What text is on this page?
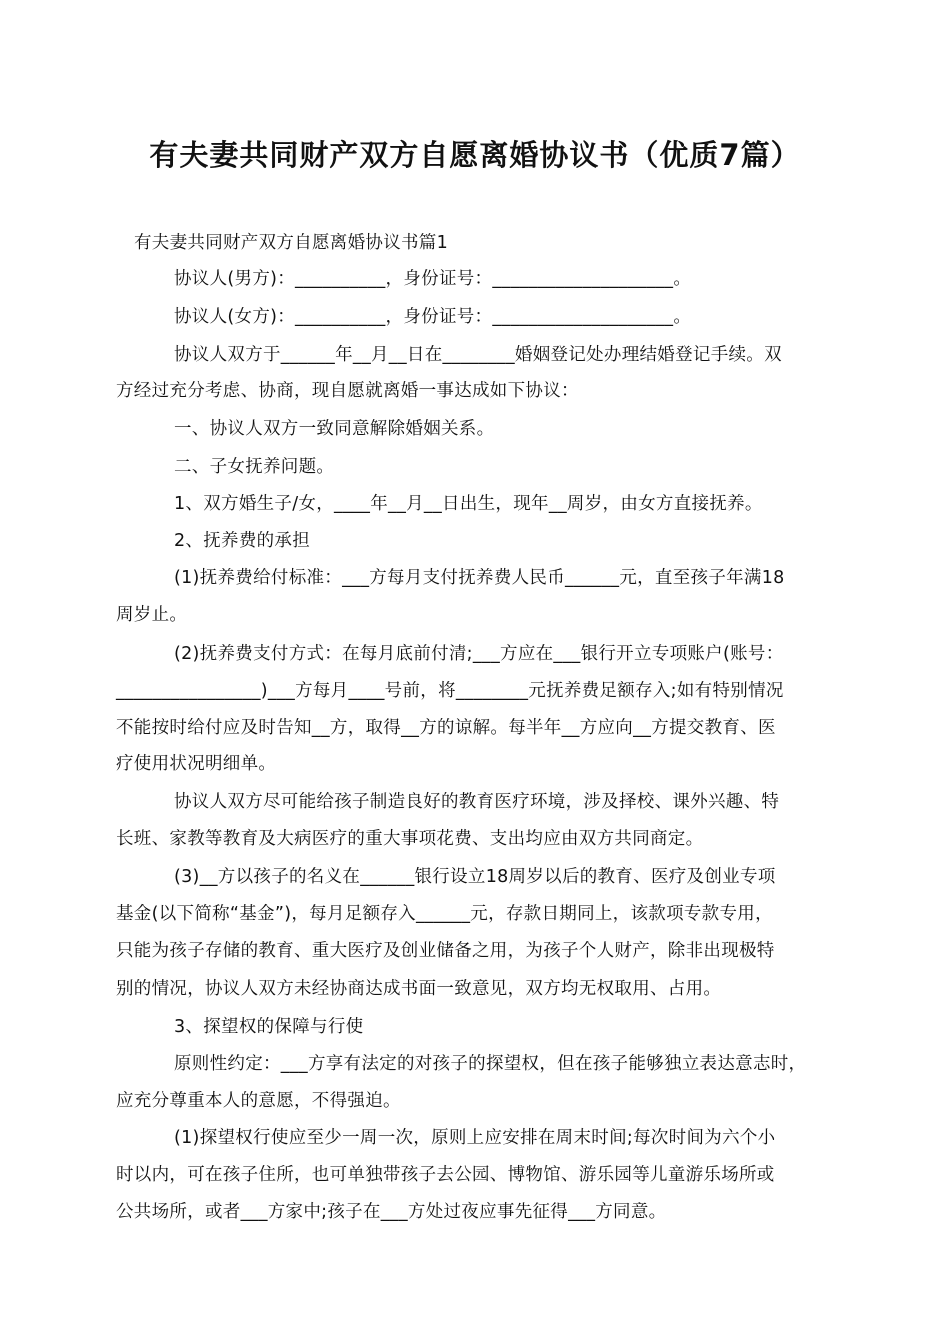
有夫妻共同财产双方自愿离婚协议书（优质7篇）
有夫妻共同财产双方自愿离婚协议书篇1
协议人(男方)：__________，身份证号：____________________。
协议人(女方)：__________，身份证号：____________________。
协议人双方于______年__月__日在________婚姻登记处办理结婚登记手续。双
方经过充分考虑、协商，现自愿就离婚一事达成如下协议：
一、协议人双方一致同意解除婚姻关系。
二、子女抚养问题。
1、双方婚生子/女，____年__月__日出生，现年__周岁，由女方直接抚养。
2、抚养费的承担
(1)抚养费给付标准：___方每月支付抚养费人民币______元，直至孩子年满18
周岁止。
(2)抚养费支付方式：在每月底前付清;___方应在___银行开立专项账户(账号：
________________)___方每月____号前，将________元抚养费足额存入;如有特别情况
不能按时给付应及时告知__方，取得__方的谅解。每半年__方应向__方提交教育、医
疗使用状况明细单。
协议人双方尽可能给孩子制造良好的教育医疗环境，涉及择校、课外兴趣、特
长班、家教等教育及大病医疗的重大事项花费、支出均应由双方共同商定。
(3)__方以孩子的名义在______银行设立18周岁以后的教育、医疗及创业专项
基金(以下简称“基金”)，每月足额存入______元，存款日期同上，该款项专款专用，
只能为孩子存储的教育、重大医疗及创业储备之用，为孩子个人财产，除非出现极特
别的情况，协议人双方未经协商达成书面一致意见，双方均无权取用、占用。
3、探望权的保障与行使
原则性约定：___方享有法定的对孩子的探望权，但在孩子能够独立表达意志时，
应充分尊重本人的意愿，不得强迫。
(1)探望权行使应至少一周一次，原则上应安排在周末时间;每次时间为六个小
时以内，可在孩子住所，也可单独带孩子去公园、博物馆、游乐园等儿童游乐场所或
公共场所，或者___方家中;孩子在___方处过夜应事先征得___方同意。
